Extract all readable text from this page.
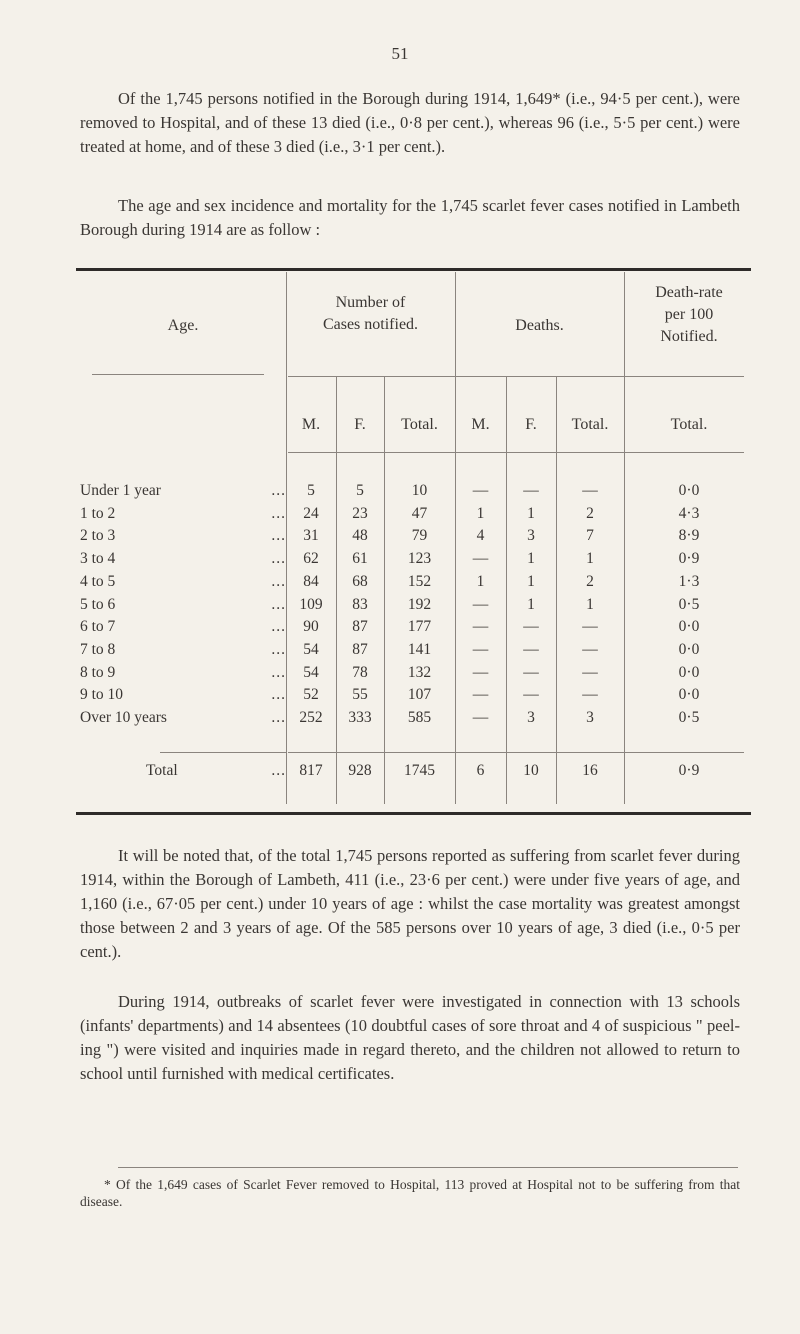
51

Of the 1,745 persons notified in the Borough during 1914, 1,649* (i.e., 94·5 per cent.), were removed to Hospital, and of these 13 died (i.e., 0·8 per cent.), whereas 96 (i.e., 5·5 per cent.) were treated at home, and of these 3 died (i.e., 3·1 per cent.).

The age and sex incidence and mortality for the 1,745 scarlet fever cases notified in Lambeth Borough during 1914 are as follow :

Age.
Number of
Cases notified.	Deaths.
Death-rate
per 100
Notified.
M.	F.	Total.	M.	F.	Total.	Total.
Under 1 year	...	5	5	10	—	—	—	0·0
1 to 2	...	24	23	47	1	1	2	4·3
2 to 3	...	31	48	79	4	3	7	8·9
3 to 4	...	62	61	123	—	1	1	0·9
4 to 5	...	84	68	152	1	1	2	1·3
5 to 6	... 109	83	192	—	1	1	0·5
6 to 7	...	90	87	177	—	—	—	0·0
7 to 8	...	54	87	141	—	—	—	0·0
8 to 9	...	54	78	132	—	—	—	0·0
9 to 10	...	52	55	107	—	—	—	0·0
Over 10 years	... 252	333	585	—	3	3	0·5
Total	... 817	928	1745	6	10	16	0·9

It will be noted that, of the total 1,745 persons reported as suffering from scarlet fever during 1914, within the Borough of Lambeth, 411 (i.e., 23·6 per cent.) were under five years of age, and 1,160 (i.e., 67·05 per cent.) under 10 years of age : whilst the case mortality was greatest amongst those between 2 and 3 years of age. Of the 585 persons over 10 years of age, 3 died (i.e., 0·5 per cent.).

During 1914, outbreaks of scarlet fever were investigated in connection with 13 schools (infants' departments) and 14 absentees (10 doubtful cases of sore throat and 4 of suspicious " peel- ing ") were visited and inquiries made in regard thereto, and the children not allowed to return to school until furnished with medical certificates.

* Of the 1,649 cases of Scarlet Fever removed to Hospital, 113 proved at Hospital not to be suffering from that disease.
